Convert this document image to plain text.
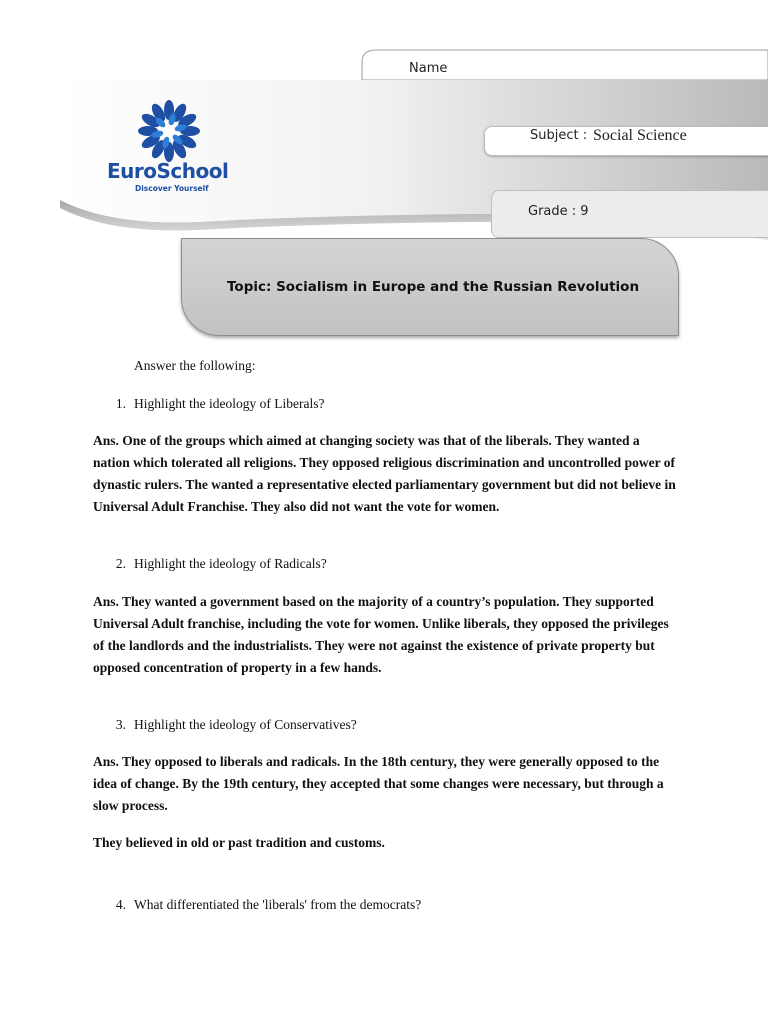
Name
Subject : Social Science
Grade : 9
EuroSchool
Discover Yourself
Topic: Socialism in Europe and the Russian Revolution
Answer the following:
1. Highlight the ideology of Liberals?

Ans. One of the groups which aimed at changing society was that of the liberals. They wanted a nation which tolerated all religions. They opposed religious discrimination and uncontrolled power of dynastic rulers. The wanted a representative elected parliamentary government but did not believe in Universal Adult Franchise. They also did not want the vote for women.

2. Highlight the ideology of Radicals?

Ans. They wanted a government based on the majority of a country’s population. They supported Universal Adult franchise, including the vote for women. Unlike liberals, they opposed the privileges of the landlords and the industrialists. They were not against the existence of private property but opposed concentration of property in a few hands.

3. Highlight the ideology of Conservatives?

Ans. They opposed to liberals and radicals. In the 18th century, they were generally opposed to the idea of change. By the 19th century, they accepted that some changes were necessary, but through a slow process.

They believed in old or past tradition and customs.

4. What differentiated the 'liberals' from the democrats?
